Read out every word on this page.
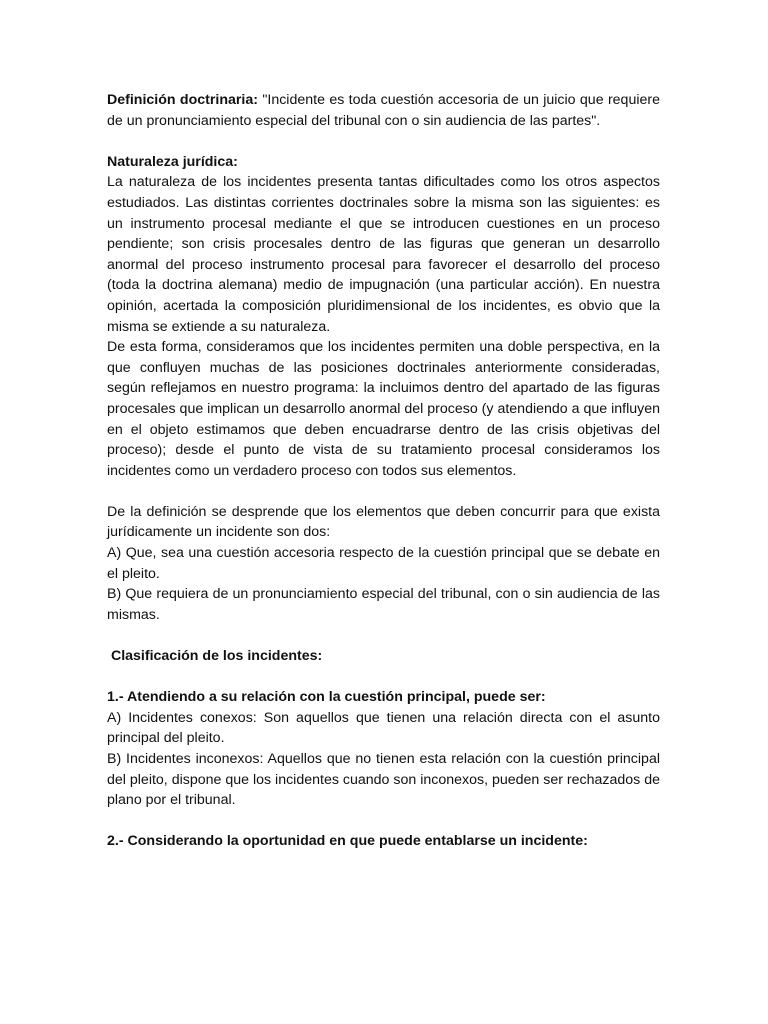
Definición doctrinaria: "Incidente es toda cuestión accesoria de un juicio que requiere de un pronunciamiento especial del tribunal con o sin audiencia de las partes".

Naturaleza jurídica:

La naturaleza de los incidentes presenta tantas dificultades como los otros aspectos estudiados. Las distintas corrientes doctrinales sobre la misma son las siguientes: es un instrumento procesal mediante el que se introducen cuestiones en un proceso pendiente; son crisis procesales dentro de las figuras que generan un desarrollo anormal del proceso instrumento procesal para favorecer el desarrollo del proceso (toda la doctrina alemana) medio de impugnación (una particular acción). En nuestra opinión, acertada la composición pluridimensional de los incidentes, es obvio que la misma se extiende a su naturaleza.

De esta forma, consideramos que los incidentes permiten una doble perspectiva, en la que confluyen muchas de las posiciones doctrinales anteriormente consideradas, según reflejamos en nuestro programa: la incluimos dentro del apartado de las figuras procesales que implican un desarrollo anormal del proceso (y atendiendo a que influyen en el objeto estimamos que deben encuadrarse dentro de las crisis objetivas del proceso); desde el punto de vista de su tratamiento procesal consideramos los incidentes como un verdadero proceso con todos sus elementos.

De la definición se desprende que los elementos que deben concurrir para que exista jurídicamente un incidente son dos:

A) Que, sea una cuestión accesoria respecto de la cuestión principal que se debate en el pleito.

B) Que requiera de un pronunciamiento especial del tribunal, con o sin audiencia de las mismas.

Clasificación de los incidentes:

1.- Atendiendo a su relación con la cuestión principal, puede ser:

A) Incidentes conexos: Son aquellos que tienen una relación directa con el asunto principal del pleito.

B) Incidentes inconexos: Aquellos que no tienen esta relación con la cuestión principal del pleito, dispone que los incidentes cuando son inconexos, pueden ser rechazados de plano por el tribunal.

2.- Considerando la oportunidad en que puede entablarse un incidente:
